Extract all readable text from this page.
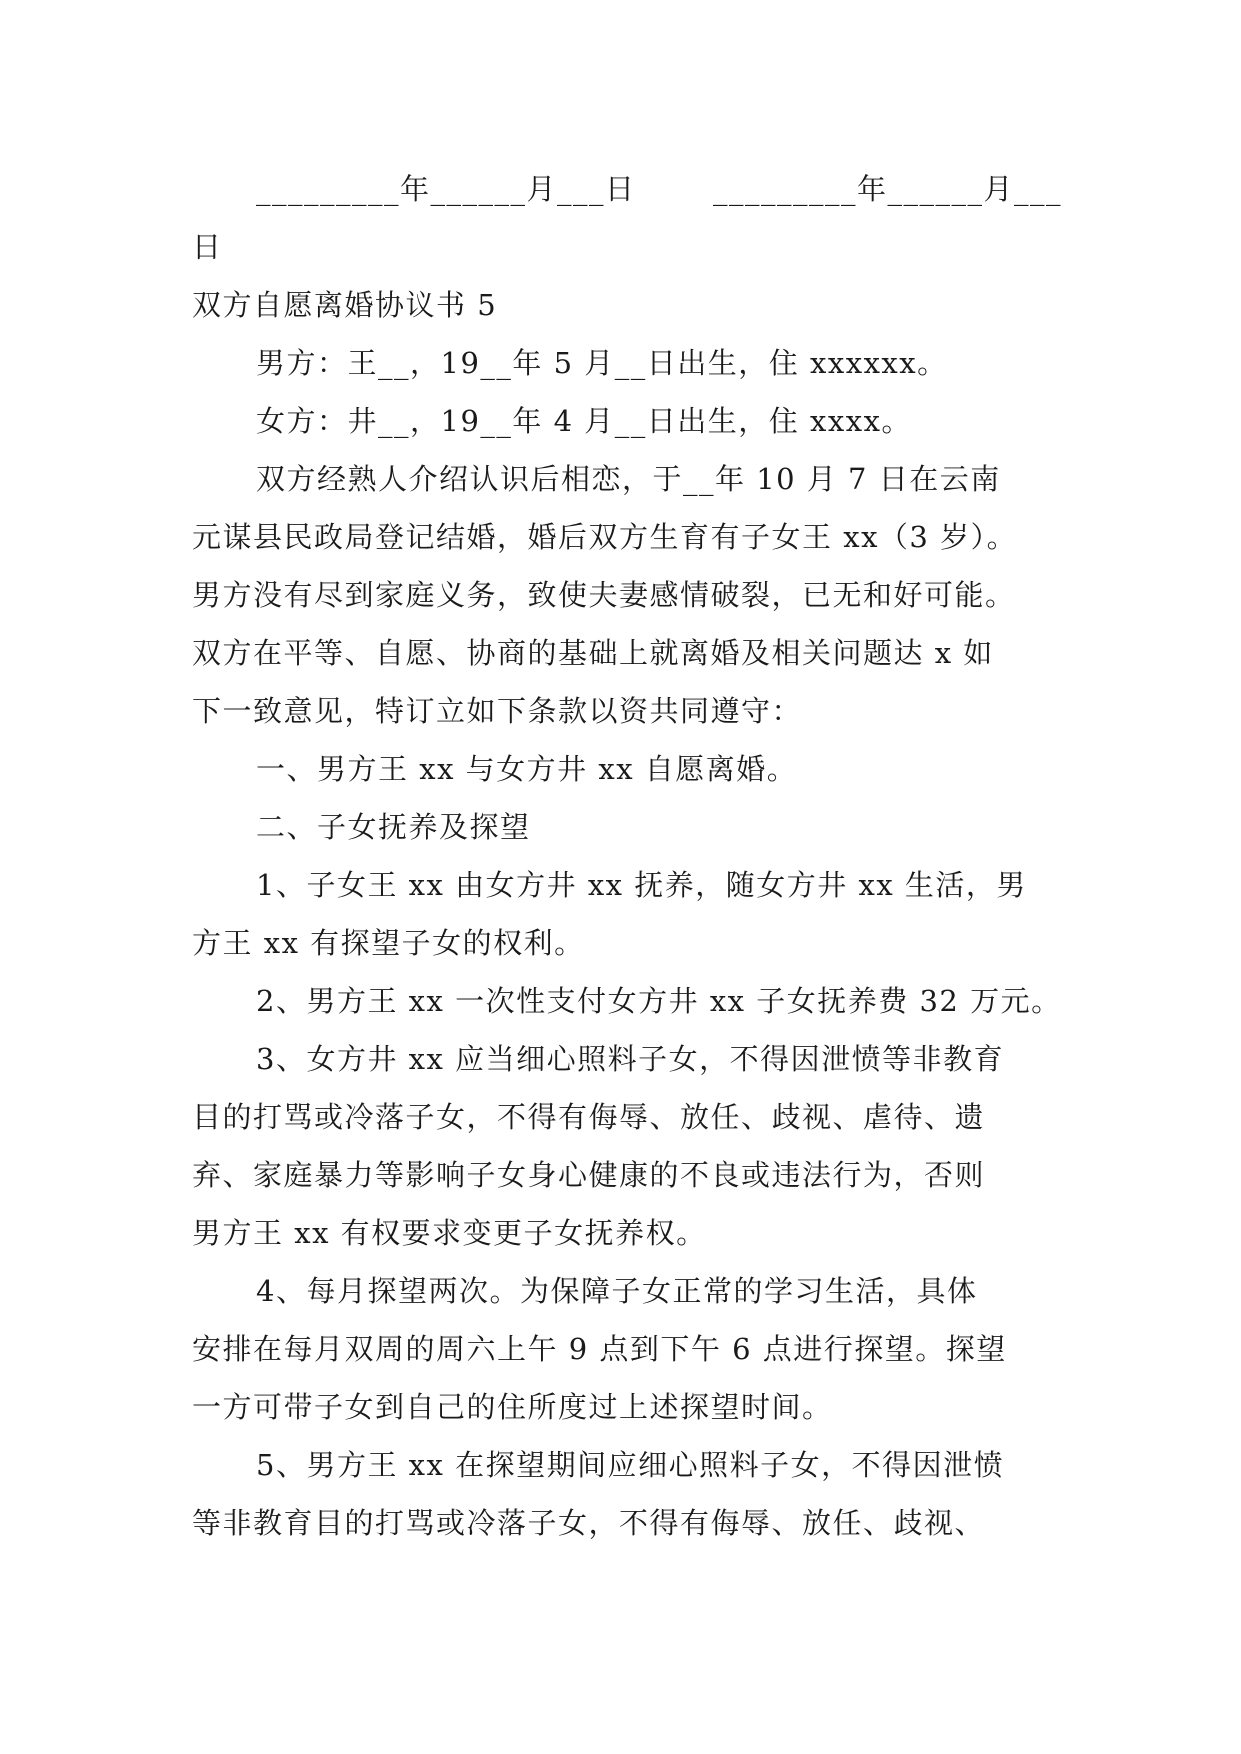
_________年______月___日	_________年______月___

日

双方自愿离婚协议书 5

男方：王__，19__年 5 月__日出生，住 xxxxxx。

女方：井__，19__年 4 月__日出生，住 xxxx。

双方经熟人介绍认识后相恋，于__年 10 月 7 日在云南

元谋县民政局登记结婚，婚后双方生育有子女王 xx（3 岁）。

男方没有尽到家庭义务，致使夫妻感情破裂，已无和好可能。

双方在平等、自愿、协商的基础上就离婚及相关问题达 x 如

下一致意见，特订立如下条款以资共同遵守：

一、男方王 xx 与女方井 xx 自愿离婚。

二、子女抚养及探望

1、子女王 xx 由女方井 xx 抚养，随女方井 xx 生活，男

方王 xx 有探望子女的权利。

2、男方王 xx 一次性支付女方井 xx 子女抚养费 32 万元。

3、女方井 xx 应当细心照料子女，不得因泄愤等非教育

目的打骂或冷落子女，不得有侮辱、放任、歧视、虐待、遗

弃、家庭暴力等影响子女身心健康的不良或违法行为，否则

男方王 xx 有权要求变更子女抚养权。

4、每月探望两次。为保障子女正常的学习生活，具体

安排在每月双周的周六上午 9 点到下午 6 点进行探望。探望

一方可带子女到自己的住所度过上述探望时间。

5、男方王 xx 在探望期间应细心照料子女，不得因泄愤

等非教育目的打骂或冷落子女，不得有侮辱、放任、歧视、
